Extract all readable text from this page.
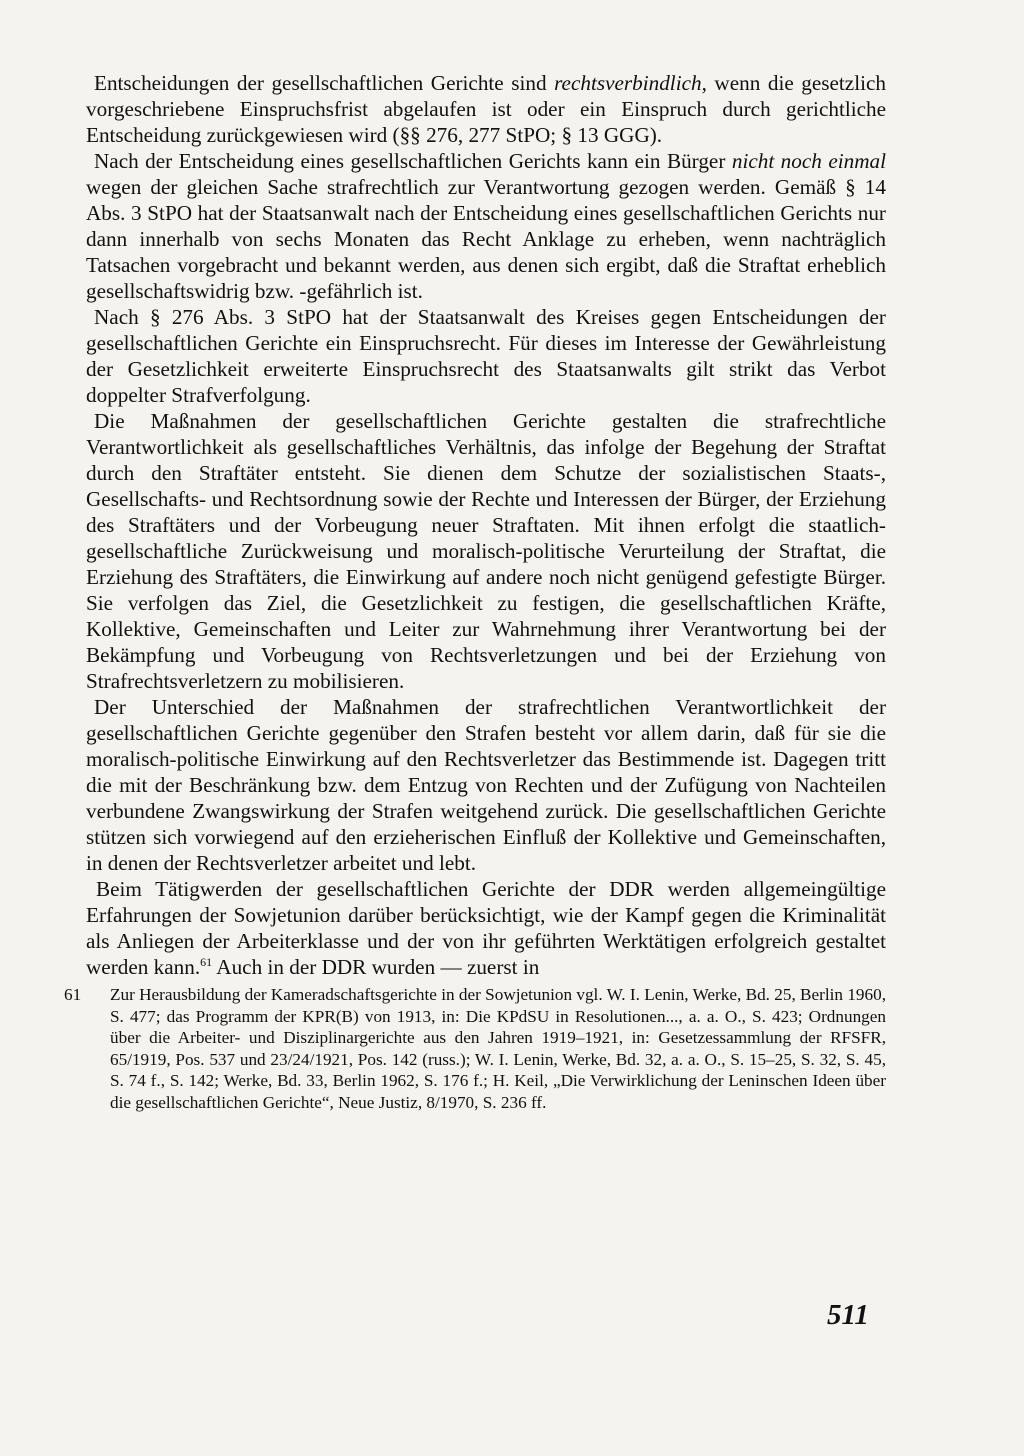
Entscheidungen der gesellschaftlichen Gerichte sind rechtsverbindlich, wenn die gesetzlich vorgeschriebene Einspruchsfrist abgelaufen ist oder ein Einspruch durch gerichtliche Entscheidung zurückgewiesen wird (§§ 276, 277 StPO; § 13 GGG).

Nach der Entscheidung eines gesellschaftlichen Gerichts kann ein Bürger nicht noch einmal wegen der gleichen Sache strafrechtlich zur Verantwortung gezogen werden. Gemäß § 14 Abs. 3 StPO hat der Staatsanwalt nach der Entscheidung eines gesellschaftlichen Gerichts nur dann innerhalb von sechs Monaten das Recht Anklage zu erheben, wenn nachträglich Tatsachen vorgebracht und bekannt werden, aus denen sich ergibt, daß die Straftat erheblich gesellschaftswidrig bzw. -gefährlich ist.

Nach § 276 Abs. 3 StPO hat der Staatsanwalt des Kreises gegen Entscheidungen der gesellschaftlichen Gerichte ein Einspruchsrecht. Für dieses im Interesse der Gewährleistung der Gesetzlichkeit erweiterte Einspruchsrecht des Staatsanwalts gilt strikt das Verbot doppelter Strafverfolgung.

Die Maßnahmen der gesellschaftlichen Gerichte gestalten die strafrechtliche Verantwortlichkeit als gesellschaftliches Verhältnis, das infolge der Begehung der Straftat durch den Straftäter entsteht. Sie dienen dem Schutze der sozialistischen Staats-, Gesellschafts- und Rechtsordnung sowie der Rechte und Interessen der Bürger, der Erziehung des Straftäters und der Vorbeugung neuer Straftaten. Mit ihnen erfolgt die staatlich-gesellschaftliche Zurückweisung und moralisch-politische Verurteilung der Straftat, die Erziehung des Straftäters, die Einwirkung auf andere noch nicht genügend gefestigte Bürger. Sie verfolgen das Ziel, die Gesetzlichkeit zu festigen, die gesellschaftlichen Kräfte, Kollektive, Gemeinschaften und Leiter zur Wahrnehmung ihrer Verantwortung bei der Bekämpfung und Vorbeugung von Rechtsverletzungen und bei der Erziehung von Strafrechtsverletzern zu mobilisieren.

Der Unterschied der Maßnahmen der strafrechtlichen Verantwortlichkeit der gesellschaftlichen Gerichte gegenüber den Strafen besteht vor allem darin, daß für sie die moralisch-politische Einwirkung auf den Rechtsverletzer das Bestimmende ist. Dagegen tritt die mit der Beschränkung bzw. dem Entzug von Rechten und der Zufügung von Nachteilen verbundene Zwangswirkung der Strafen weitgehend zurück. Die gesellschaftlichen Gerichte stützen sich vorwiegend auf den erzieherischen Einfluß der Kollektive und Gemeinschaften, in denen der Rechtsverletzer arbeitet und lebt.

Beim Tätigwerden der gesellschaftlichen Gerichte der DDR werden allgemeingültige Erfahrungen der Sowjetunion darüber berücksichtigt, wie der Kampf gegen die Kriminalität als Anliegen der Arbeiterklasse und der von ihr geführten Werktätigen erfolgreich gestaltet werden kann.$^{61}$ Auch in der DDR wurden — zuerst in

61 Zur Herausbildung der Kameradschaftsgerichte in der Sowjetunion vgl. W. I. Lenin, Werke, Bd. 25, Berlin 1960, S. 477; das Programm der KPR(B) von 1913, in: Die KPdSU in Resolutionen..., a. a. O., S. 423; Ordnungen über die Arbeiter- und Disziplinargerichte aus den Jahren 1919–1921, in: Gesetzessammlung der RFSFR, 65/1919, Pos. 537 und 23/24/1921, Pos. 142 (russ.); W. I. Lenin, Werke, Bd. 32, a. a. O., S. 15–25, S. 32, S. 45, S. 74 f., S. 142; Werke, Bd. 33, Berlin 1962, S. 176 f.; H. Keil, „Die Verwirklichung der Leninschen Ideen über die gesellschaftlichen Gerichte“, Neue Justiz, 8/1970, S. 236 ff.
511
